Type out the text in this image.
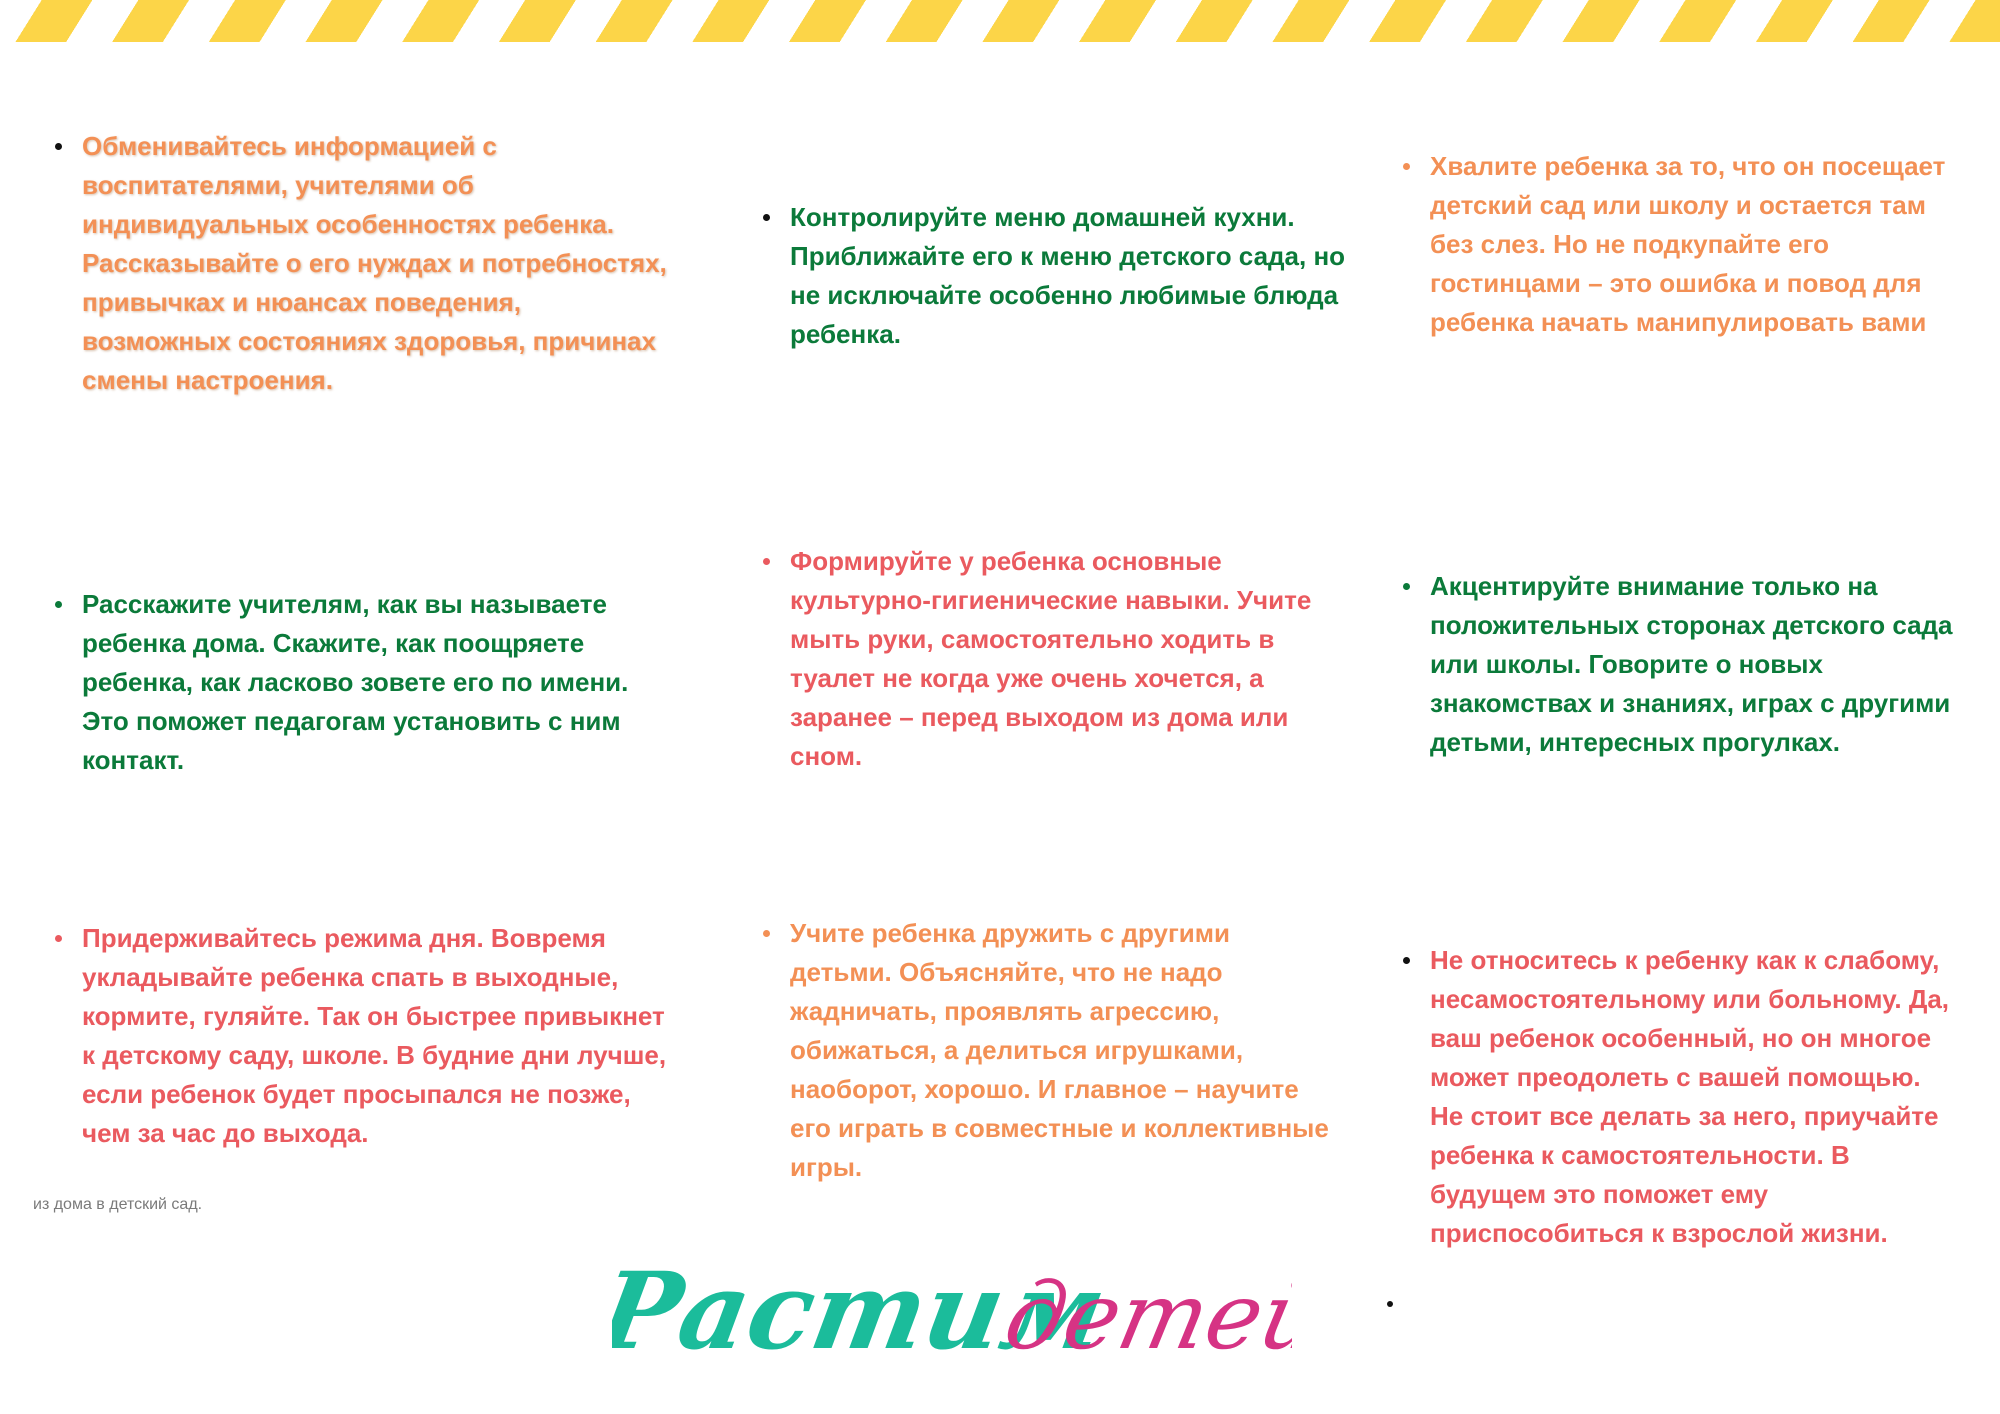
Обменивайтесь информацией с воспитателями, учителями об индивидуальных особенностях ребенка. Рассказывайте о его нуждах и потребностях, привычках и нюансах поведения, возможных состояниях здоровья, причинах смены настроения.
Расскажите учителям, как вы называете ребенка дома. Скажите, как поощряете ребенка, как ласково зовете его по имени. Это поможет педагогам установить с ним контакт.
Придерживайтесь режима дня. Вовремя укладывайте ребенка спать в выходные, кормите, гуляйте. Так он быстрее привыкнет к детскому саду, школе. В будние дни лучше, если ребенок будет просыпался не позже, чем за час до выхода.
Контролируйте меню домашней кухни. Приближайте его к меню детского сада, но не исключайте особенно любимые блюда ребенка.
Формируйте у ребенка основные культурно-гигиенические навыки. Учите мыть руки, самостоятельно ходить в туалет не когда уже очень хочется, а заранее – перед выходом из дома или сном.
Учите ребенка дружить с другими детьми. Объясняйте, что не надо жадничать, проявлять агрессию, обижаться, а делиться игрушками, наоборот, хорошо. И главное – научите его играть в совместные и коллективные игры.
Хвалите ребенка за то, что он посещает детский сад или школу и остается там без слез. Но не подкупайте его гостинцами – это ошибка и повод для ребенка начать манипулировать вами
Акцентируйте внимание только на положительных сторонах детского сада или школы. Говорите о новых знакомствах и знаниях, играх с другими детьми, интересных прогулках.
Не относитесь к ребенку как к слабому, несамостоятельному или больному. Да, ваш ребенок особенный, но он многое может преодолеть с вашей помощью. Не стоит все делать за него, приучайте ребенка к самостоятельности. В будущем это поможет ему приспособиться к взрослой жизни.
из дома в детский сад.
Растим
детей
